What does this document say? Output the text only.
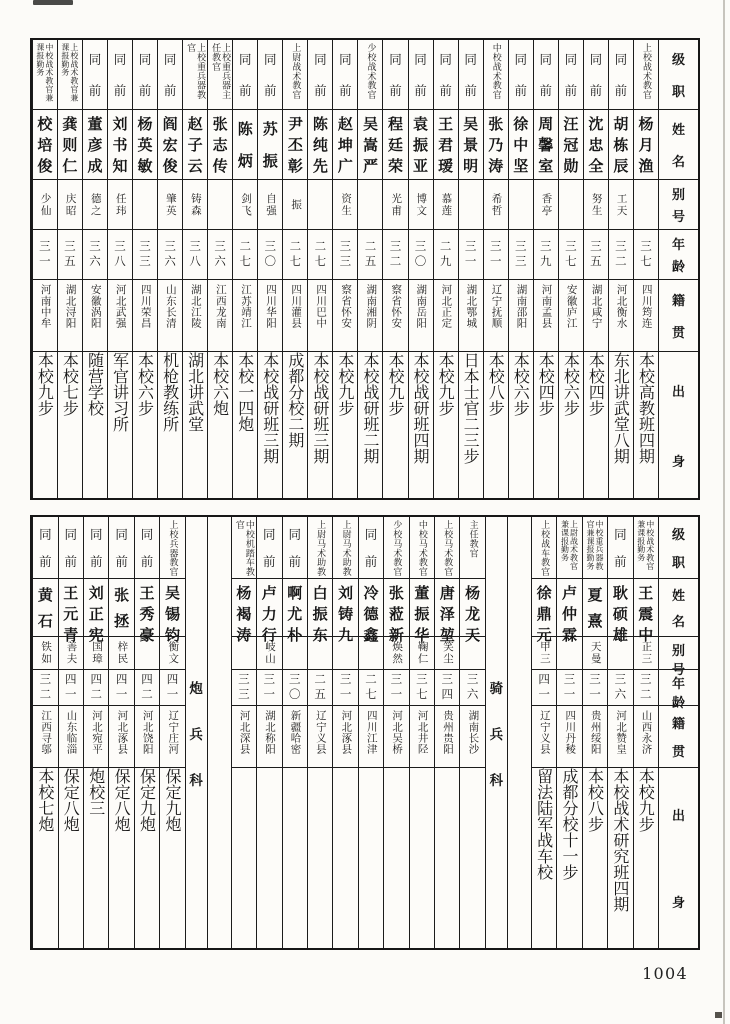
级
职
姓
名
别
号
年
龄
籍
贯
出
身
上校战术教官
杨
月
渔
三七
四川筠连
本校高教班四期
同
前
胡
栋
辰
工天
三二
河北衡水
东北讲武堂八期
同
前
沈
忠
全
努生
三五
湖北咸宁
本校四步
同
前
汪
冠
勋
三七
安徽庐江
本校六步
同
前
周
馨
室
香亭
三九
河南孟县
本校四步
同
前
徐
中
坚
三三
湖南邵阳
本校六步
中校战术教官
张
乃
涛
希哲
三一
辽宁抚顺
本校八步
同
前
吴
景
明
三一
湖北鄂城
日本士官二三步
同
前
王
君
瑷
慕莲
二九
河北正定
本校九步
同
前
袁
振
亚
博文
三〇
湖南岳阳
本校战研班四期
同
前
程
廷
荣
光甫
三二
察省怀安
本校九步
少校战术教官
吴
嵩
严
二五
湖南湘阴
本校战研班二期
同
前
赵
坤
广
资生
三三
察省怀安
本校九步
同
前
陈
纯
先
二七
四川巴中
本校战研班三期
上尉战术教官
尹
丕
彰
振
二七
四川灌县
成都分校二期
同
前
苏
振
自强
三〇
四川华阳
本校战研班三期
同
前
陈
炳
剑飞
二七
江苏靖江
本校一四炮
上校重兵器主任教官
张
志
传
三六
江西龙南
本校六炮
上校重兵器教官
赵
子
云
铸森
三八
湖北江陵
湖北讲武堂
同
前
阎
宏
俊
肇英
三六
山东长清
机枪教练所
同
前
杨
英
敏
三三
四川荣昌
本校六步
同
前
刘
书
知
任玮
三八
河北武强
军官讲习所
同
前
董
彦
成
德之
三六
安徽涡阳
随营学校
上校战术教官兼课报勤务
龚
则
仁
庆昭
三五
湖北浔阳
本校七步
中校战术教官兼课报勤务
校
培
俊
少仙
三一
河南中牟
本校九步
级
职
姓
名
别
号
年
龄
籍
贯
出
身
中校战术教官兼课报勤务
王
震
中
正三
三二
山西永济
本校九步
同
前
耿
硕
雄
三六
河北赞皇
本校战术研究班四期
中校重兵器教官兼课报勤务
夏
熹
天曼
三一
贵州绥阳
本校八步
上尉战术教官兼课报勤务
卢
仲
霖
三一
四川丹稜
成都分校十一步
上校战车教官
徐
鼎
元
甲三
四一
辽宁义县
留法陆军战车校
骑
兵
科
主任教官
杨
龙
天
三六
湖南长沙
上校马术教官
唐
泽
堃
笑尘
三四
贵州贵阳
中校马术教官
董
振
华
鞠仁
三七
河北井陉
少校马术教官
张
蒞
新
焕然
三一
河北吴桥
同
前
冷
德
鑫
二七
四川江津
上尉马术助教
刘
铸
九
三一
河北涿县
上尉马术助教
白
振
东
二五
辽宁义县
同
前
啊
尤
朴
三〇
新疆哈密
同
前
卢
力
行
岐山
三一
湖北称阳
中校机踏车教官
杨
褐
涛
三三
河北深县
炮
兵
科
上校兵器教官
吴
锡
钧
衡文
四一
辽宁庄河
保定九炮
同
前
王
秀
豪
四二
河北饶阳
保定九炮
同
前
张
拯
梓民
四一
河北涿县
保定八炮
同
前
刘
正
宪
国璋
四二
河北宛平
炮校三
同
前
王
元
青
善夫
四一
山东临淄
保定八炮
同
前
黄
石
铁如
三二
江西寻邬
本校七炮
1004
